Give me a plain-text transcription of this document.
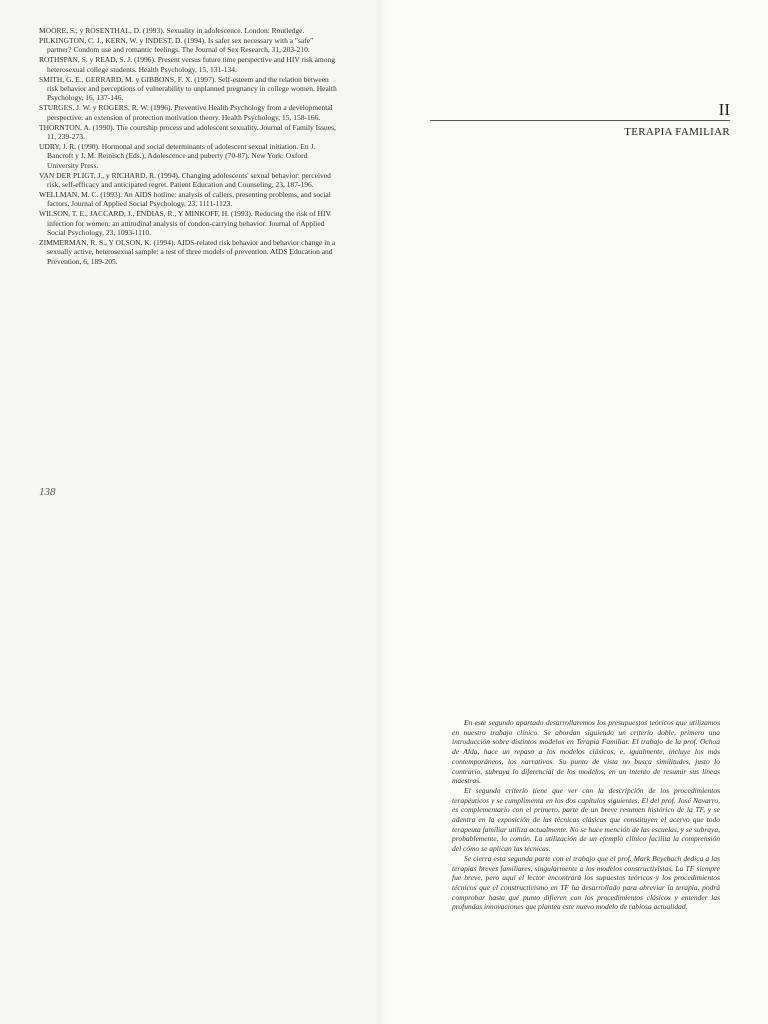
MOORE, S., y ROSENTHAL, D. (1993). Sexuality in adolescence. London: Routledge.
PILKINGTON, C. J., KERN, W. y INDEST, D. (1994). Is safer sex necessary with a "safe" partner? Condom use and romantic feelings. The Journal of Sex Research, 31, 203-210.
ROTHSPAN, S. y READ, S. J. (1996). Present versus future time perspective and HIV risk among heterosexual college students. Health Psychology, 15, 131-134.
SMITH, G. E., GERRARD, M. y GIBBONS, F. X. (1997). Self-esteem and the relation between risk behavior and perceptions of vulnerability to unplanned pregnancy in college women. Health Psychology, 16, 137-146.
STURGES, J. W. y ROGERS, R. W. (1996). Preventive Health Psychology from a developmental perspective: an extension of protection motivation theory. Health Psychology, 15, 158-166.
THORNTON, A. (1990). The courtship process and adolescent sexuality. Journal of Family Issues, 11, 239-273.
UDRY, J. R. (1990). Hormonal and social determinants of adolescent sexual initiation. En J. Bancroft y J. M. Reinisch (Eds.), Adolescence and puberty (70-87). New York: Oxford University Press.
VAN DER PLIGT, J., y RICHARD, R. (1994). Changing adolescents' sexual behavior: perceived risk, self-efficacy and anticipated regret. Patient Education and Counseling, 23, 187-196.
WELLMAN, M. C. (1993). An AIDS hotline: analysis of callers, presenting problems, and social factors. Journal of Applied Social Psychology, 23, 1111-1123.
WILSON, T. E., JACCARD, J., ENDIAS, R., Y MINKOFF, H. (1993). Reducing the risk of HIV infection for women: an attitudinal analysis of condon-carrying behavior. Journal of Applied Social Psychology, 23, 1093-1110.
ZIMMERMAN, R. S., Y OLSON, K. (1994). AIDS-related risk behavior and behavior change in a sexually active, heterosexual sample: a test of three models of prevention. AIDS Education and Prevention, 6, 189-205.
138
II
TERAPIA FAMILIAR

En este segundo apartado desarrollaremos los presupuestos teóricos que utilizamos en nuestro trabajo clínico. Se abordan siguiendo un criterio doble, primero una introducción sobre distintos modelos en Terapia Familiar. El trabajo de la prof. Ochoa de Alda, hace un repaso a los modelos clásicos, e, igualmente, incluye los más contemporáneos, los narrativos. Su punto de vista no busca similitudes, justo lo contrario, subraya lo diferencial de los modelos, en un intento de resumir sus líneas maestras.

El segundo criterio tiene que ver con la descripción de los procedimientos terapéuticos y se cumplimenta en los dos capítulos siguientes. El del prof. José Navarro, es complementario con el primero, parte de un breve resumen histórico de la TF, y se adentra en la exposición de las técnicas clásicas que constituyen el acervo que todo terapeuta familiar utiliza actualmente. No se hace mención de las escuelas, y se subraya, probablemente, lo común. La utilización de un ejemplo clínico facilita la comprensión del cómo se aplican las técnicas.

Se cierra esta segunda parte con el trabajo que el prof. Mark Beyebach dedica a las terapias breves familiares, singularmente a los modelos constructivistas. La TF siempre fue breve, pero aquí el lector encontrará los supuestos teóricos y los procedimientos técnicos que el constructivismo en TF ha desarrollado para abreviar la terapia, podrá comprobar hasta qué punto difieren con los procedimientos clásicos y entender las profundas innovaciones que plantea este nuevo modelo de rabiosa actualidad.
